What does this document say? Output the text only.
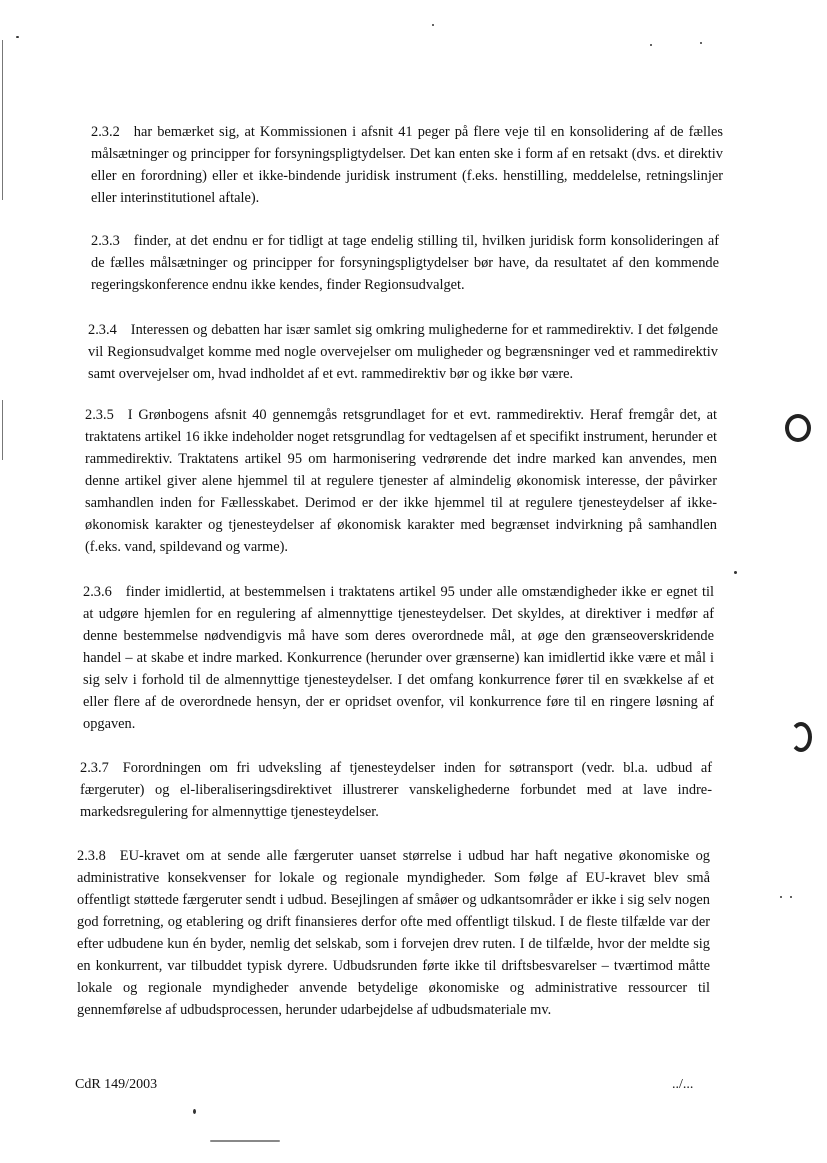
2.3.2 har bemærket sig, at Kommissionen i afsnit 41 peger på flere veje til en konsolidering af de fælles målsætninger og principper for forsyningspligtydelser. Det kan enten ske i form af en retsakt (dvs. et direktiv eller en forordning) eller et ikke-bindende juridisk instrument (f.eks. henstilling, meddelelse, retningslinjer eller interinstitutionel aftale).

2.3.3 finder, at det endnu er for tidligt at tage endelig stilling til, hvilken juridisk form konsolideringen af de fælles målsætninger og principper for forsyningspligtydelser bør have, da resultatet af den kommende regeringskonference endnu ikke kendes, finder Regionsudvalget.

2.3.4 Interessen og debatten har især samlet sig omkring mulighederne for et rammedirektiv. I det følgende vil Regionsudvalget komme med nogle overvejelser om muligheder og begrænsninger ved et rammedirektiv samt overvejelser om, hvad indholdet af et evt. rammedirektiv bør og ikke bør være.

2.3.5 I Grønbogens afsnit 40 gennemgås retsgrundlaget for et evt. rammedirektiv. Heraf fremgår det, at traktatens artikel 16 ikke indeholder noget retsgrundlag for vedtagelsen af et specifikt instrument, herunder et rammedirektiv. Traktatens artikel 95 om harmonisering vedrørende det indre marked kan anvendes, men denne artikel giver alene hjemmel til at regulere tjenester af almindelig økonomisk interesse, der påvirker samhandlen inden for Fællesskabet. Derimod er der ikke hjemmel til at regulere tjenesteydelser af ikke-økonomisk karakter og tjenesteydelser af økonomisk karakter med begrænset indvirkning på samhandlen (f.eks. vand, spildevand og varme).

2.3.6 finder imidlertid, at bestemmelsen i traktatens artikel 95 under alle omstændigheder ikke er egnet til at udgøre hjemlen for en regulering af almennyttige tjenesteydelser. Det skyldes, at direktiver i medfør af denne bestemmelse nødvendigvis må have som deres overordnede mål, at øge den grænseoverskridende handel – at skabe et indre marked. Konkurrence (herunder over grænserne) kan imidlertid ikke være et mål i sig selv i forhold til de almennyttige tjenesteydelser. I det omfang konkurrence fører til en svækkelse af et eller flere af de overordnede hensyn, der er opridset ovenfor, vil konkurrence føre til en ringere løsning af opgaven.

2.3.7 Forordningen om fri udveksling af tjenesteydelser inden for søtransport (vedr. bl.a. udbud af færgeruter) og el-liberaliseringsdirektivet illustrerer vanskelighederne forbundet med at lave indre-markedsregulering for almennyttige tjenesteydelser.

2.3.8 EU-kravet om at sende alle færgeruter uanset størrelse i udbud har haft negative økonomiske og administrative konsekvenser for lokale og regionale myndigheder. Som følge af EU-kravet blev små offentligt støttede færgeruter sendt i udbud. Besejlingen af småøer og udkantsområder er ikke i sig selv nogen god forretning, og etablering og drift finansieres derfor ofte med offentligt tilskud. I de fleste tilfælde var der efter udbudene kun én byder, nemlig det selskab, som i forvejen drev ruten. I de tilfælde, hvor der meldte sig en konkurrent, var tilbuddet typisk dyrere. Udbudsrunden førte ikke til driftsbesvarelser – tværtimod måtte lokale og regionale myndigheder anvende betydelige økonomiske og administrative ressourcer til gennemførelse af udbudsprocessen, herunder udarbejdelse af udbudsmateriale mv.

CdR 149/2003	../...
